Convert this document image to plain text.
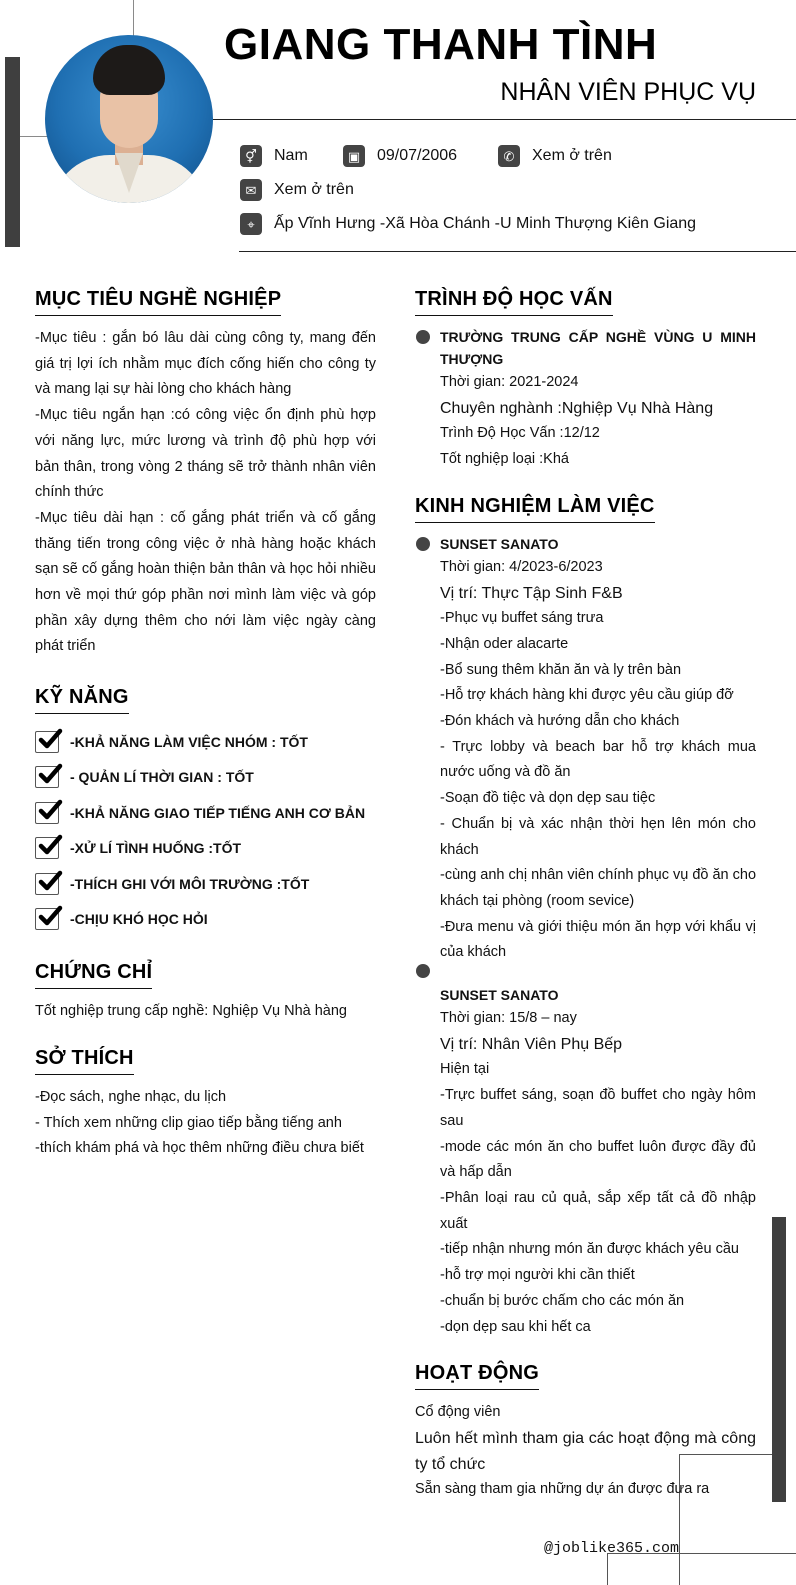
GIANG THANH TÌNH
NHÂN VIÊN PHỤC VỤ
⚥	Nam	▣	09/07/2006	✆	Xem ở trên
✉	Xem ở trên
⌖	Ấp Vĩnh Hưng -Xã Hòa Chánh -U Minh Thượng Kiên Giang
MỤC TIÊU NGHỀ NGHIỆP
-Mục tiêu : gắn bó lâu dài cùng công ty, mang đến giá trị lợi ích nhằm mục đích cống hiến cho công ty và mang lại sự hài lòng cho khách hàng
-Mục tiêu ngắn hạn :có công việc ổn định phù hợp với năng lực, mức lương và trình độ phù hợp với bản thân, trong vòng 2 tháng sẽ trở thành nhân viên chính thức
-Mục tiêu dài hạn : cố gắng phát triển và cố gắng thăng tiến trong công việc ở nhà hàng hoặc khách sạn sẽ cố gắng hoàn thiện bản thân và học hỏi nhiều hơn về mọi thứ góp phần nơi mình làm việc và góp phần xây dựng thêm cho nới làm việc ngày càng phát triển
KỸ NĂNG
-KHẢ NĂNG LÀM VIỆC NHÓM : TỐT
- QUẢN LÍ THỜI GIAN : TỐT
-KHẢ NĂNG GIAO TIẾP TIẾNG ANH CƠ BẢN
-XỬ LÍ TÌNH HUỐNG :TỐT
-THÍCH GHI VỚI MÔI TRƯỜNG :TỐT
-CHỊU KHÓ HỌC HỎI
CHỨNG CHỈ
Tốt nghiệp trung cấp nghề: Nghiệp Vụ Nhà hàng
SỞ THÍCH
-Đọc sách, nghe nhạc, du lịch
- Thích xem những clip giao tiếp bằng tiếng anh
-thích khám phá và học thêm những điều chưa biết
TRÌNH ĐỘ HỌC VẤN
TRƯỜNG TRUNG CẤP NGHỀ VÙNG U MINH THƯỢNG
Thời gian: 2021-2024
Chuyên nghành :Nghiệp Vụ Nhà Hàng
Trình Độ Học Vấn :12/12
Tốt nghiệp loại :Khá
KINH NGHIỆM LÀM VIỆC
SUNSET SANATO
Thời gian: 4/2023-6/2023
Vị trí: Thực Tập Sinh F&B
-Phục vụ buffet sáng trưa
-Nhận oder alacarte
-Bổ sung thêm khăn ăn và ly trên bàn
-Hỗ trợ khách hàng khi được yêu cầu giúp đỡ
-Đón khách và hướng dẫn cho khách
- Trực lobby và beach bar hỗ trợ khách mua nước uống và đồ ăn
-Soạn đồ tiệc và dọn dẹp sau tiệc
- Chuẩn bị và xác nhận thời hẹn lên món cho khách
-cùng anh chị nhân viên chính phục vụ đồ ăn cho khách tại phòng (room sevice)
-Đưa menu và giới thiệu món ăn hợp với khẩu vị của khách
SUNSET SANATO
Thời gian: 15/8 – nay
Vị trí: Nhân Viên Phụ Bếp
Hiện tại
-Trực buffet sáng, soạn đồ buffet cho ngày hôm sau
-mode các món ăn cho buffet luôn được đầy đủ và hấp dẫn
-Phân loại rau củ quả, sắp xếp tất cả đồ nhập xuất
-tiếp nhận nhưng món ăn được khách yêu cầu
-hỗ trợ mọi người khi cần thiết
-chuẩn bị bước chấm cho các món ăn
-dọn dẹp sau khi hết ca
HOẠT ĐỘNG
Cổ động viên
Luôn hết mình tham gia các hoạt động mà công ty tổ chức
Sẵn sàng tham gia những dự án được đưa ra
@joblike365.com
